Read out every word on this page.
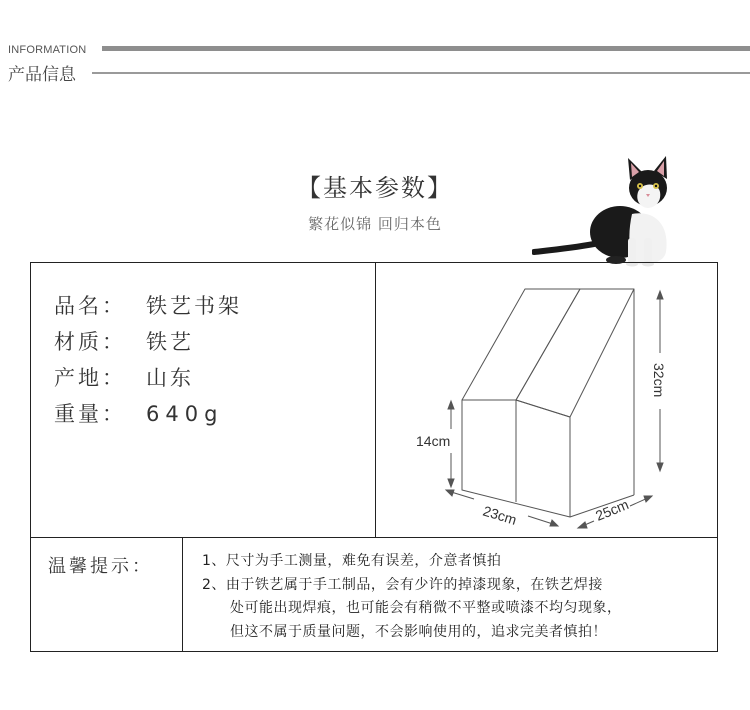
INFORMATION
产品信息
【基本参数】
繁花似锦 回归本色
品名： 铁艺书架
材质： 铁艺
产地： 山东
重量： 640g
14cm
32cm
23cm	25cm
温馨提示：	1、尺寸为手工测量，难免有误差，介意者慎拍
2、由于铁艺属于手工制品，会有少许的掉漆现象，在铁艺焊接
处可能出现焊痕，也可能会有稍微不平整或喷漆不均匀现象，
但这不属于质量问题，不会影响使用的，追求完美者慎拍！
